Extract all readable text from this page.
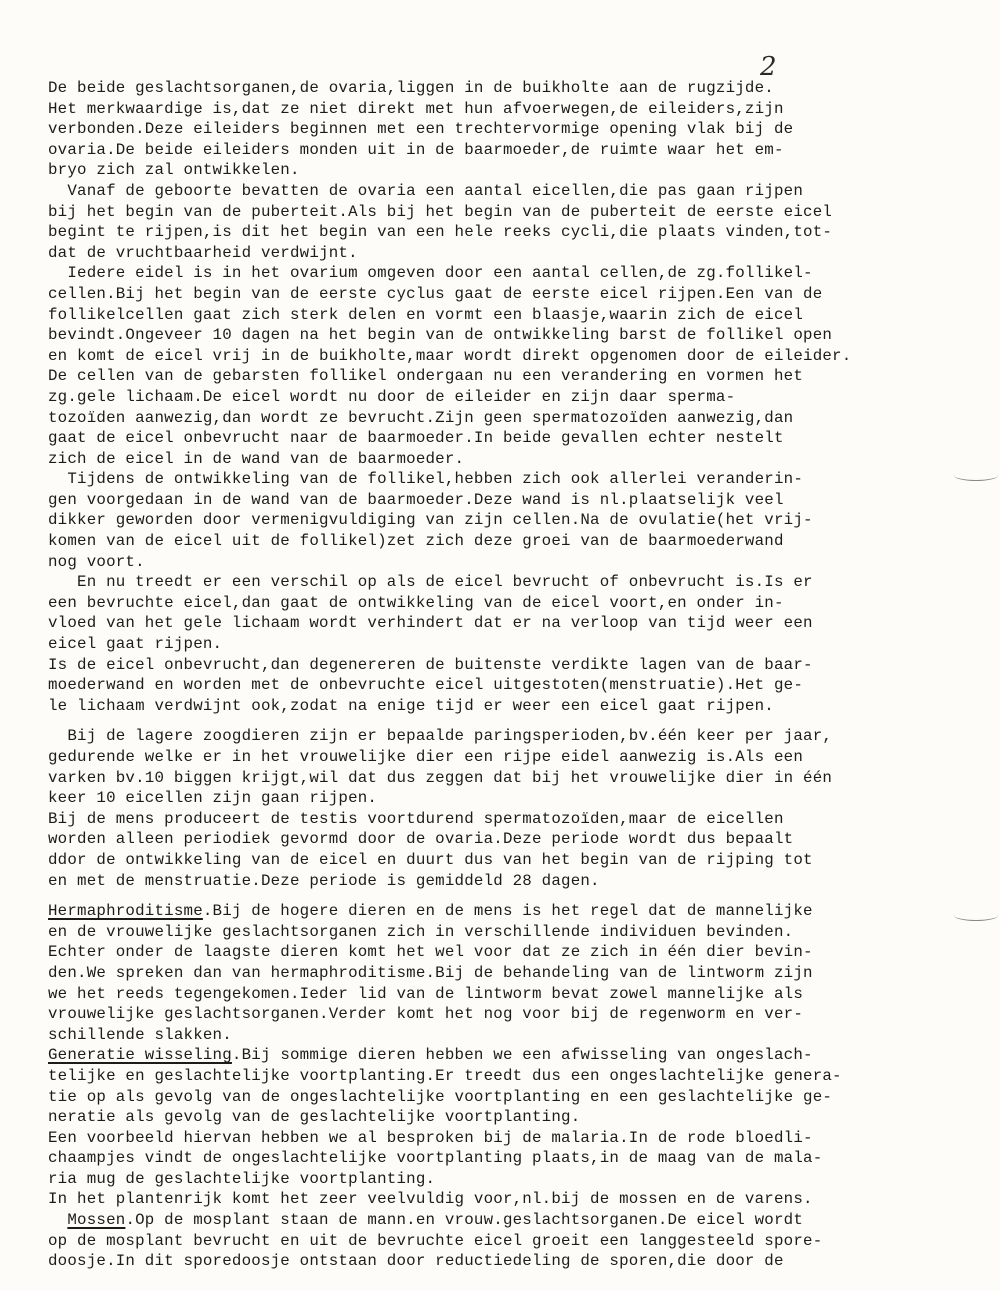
2
De beide geslachtsorganen,de ovaria,liggen in de buikholte aan de rugzijde.
Het merkwaardige is,dat ze niet direkt met hun afvoerwegen,de eileiders,zijn
verbonden.Deze eileiders beginnen met een trechtervormige opening vlak bij de
ovaria.De beide eileiders monden uit in de baarmoeder,de ruimte waar het em-
bryo zich zal ontwikkelen.
Vanaf de geboorte bevatten de ovaria een aantal eicellen,die pas gaan rijpen
bij het begin van de puberteit.Als bij het begin van de puberteit de eerste eicel
begint te rijpen,is dit het begin van een hele reeks cycli,die plaats vinden,tot-
dat de vruchtbaarheid verdwijnt.
Iedere eidel is in het ovarium omgeven door een aantal cellen,de zg.follikel-
cellen.Bij het begin van de eerste cyclus gaat de eerste eicel rijpen.Een van de
follikelcellen gaat zich sterk delen en vormt een blaasje,waarin zich de eicel
bevindt.Ongeveer 10 dagen na het begin van de ontwikkeling barst de follikel open
en komt de eicel vrij in de buikholte,maar wordt direkt opgenomen door de eileider.
De cellen van de gebarsten follikel ondergaan nu een verandering en vormen het
zg.gele lichaam.De eicel wordt nu door de eileider en zijn daar sperma-
tozoïden aanwezig,dan wordt ze bevrucht.Zijn geen spermatozoïden aanwezig,dan
gaat de eicel onbevrucht naar de baarmoeder.In beide gevallen echter nestelt
zich de eicel in de wand van de baarmoeder.
Tijdens de ontwikkeling van de follikel,hebben zich ook allerlei veranderin-
gen voorgedaan in de wand van de baarmoeder.Deze wand is nl.plaatselijk veel
dikker geworden door vermenigvuldiging van zijn cellen.Na de ovulatie(het vrij-
komen van de eicel uit de follikel)zet zich deze groei van de baarmoederwand
nog voort.
En nu treedt er een verschil op als de eicel bevrucht of onbevrucht is.Is er
een bevruchte eicel,dan gaat de ontwikkeling van de eicel voort,en onder in-
vloed van het gele lichaam wordt verhindert dat er na verloop van tijd weer een
eicel gaat rijpen.
Is de eicel onbevrucht,dan degenereren de buitenste verdikte lagen van de baar-
moederwand en worden met de onbevruchte eicel uitgestoten(menstruatie).Het ge-
le lichaam verdwijnt ook,zodat na enige tijd er weer een eicel gaat rijpen.
Bij de lagere zoogdieren zijn er bepaalde paringsperioden,bv.één keer per jaar,
gedurende welke er in het vrouwelijke dier een rijpe eidel aanwezig is.Als een
varken bv.10 biggen krijgt,wil dat dus zeggen dat bij het vrouwelijke dier in één
keer 10 eicellen zijn gaan rijpen.
Bij de mens produceert de testis voortdurend spermatozoïden,maar de eicellen
worden alleen periodiek gevormd door de ovaria.Deze periode wordt dus bepaalt
ddor de ontwikkeling van de eicel en duurt dus van het begin van de rijping tot
en met de menstruatie.Deze periode is gemiddeld 28 dagen.
Hermaphroditisme.Bij de hogere dieren en de mens is het regel dat de mannelijke
en de vrouwelijke geslachtsorganen zich in verschillende individuen bevinden.
Echter onder de laagste dieren komt het wel voor dat ze zich in één dier bevin-
den.We spreken dan van hermaphroditisme.Bij de behandeling van de lintworm zijn
we het reeds tegengekomen.Ieder lid van de lintworm bevat zowel mannelijke als
vrouwelijke geslachtsorganen.Verder komt het nog voor bij de regenworm en ver-
schillende slakken.
Generatie wisseling.Bij sommige dieren hebben we een afwisseling van ongeslach-
telijke en geslachtelijke voortplanting.Er treedt dus een ongeslachtelijke genera-
tie op als gevolg van de ongeslachtelijke voortplanting en een geslachtelijke ge-
neratie als gevolg van de geslachtelijke voortplanting.
Een voorbeeld hiervan hebben we al besproken bij de malaria.In de rode bloedli-
chaampjes vindt de ongeslachtelijke voortplanting plaats,in de maag van de mala-
ria mug de geslachtelijke voortplanting.
In het plantenrijk komt het zeer veelvuldig voor,nl.bij de mossen en de varens.
Mossen.Op de mosplant staan de mann.en vrouw.geslachtsorganen.De eicel wordt
op de mosplant bevrucht en uit de bevruchte eicel groeit een langgesteeld spore-
doosje.In dit sporedoosje ontstaan door reductiedeling de sporen,die door de
